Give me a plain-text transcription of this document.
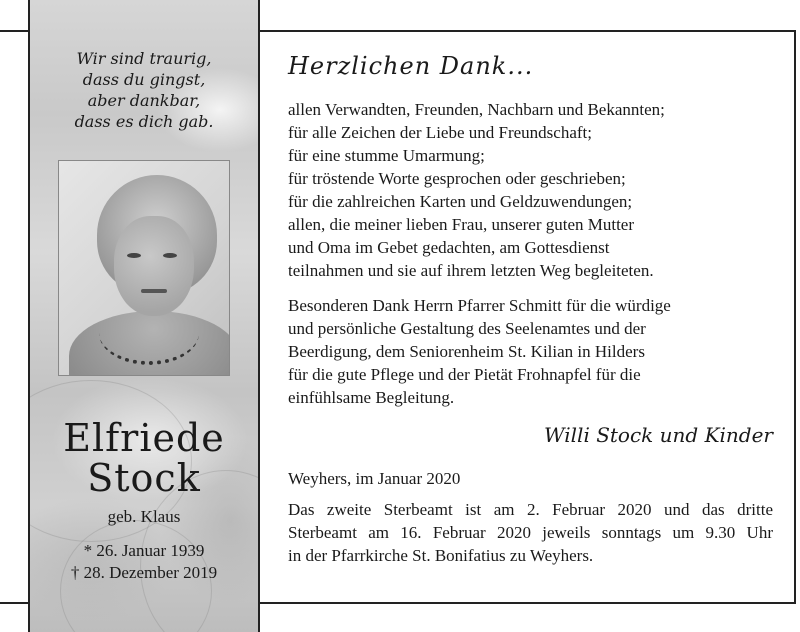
Wir sind traurig,
dass du gingst,
aber dankbar,
dass es dich gab.

Elfriede
Stock
geb. Klaus
* 26. Januar 1939
† 28. Dezember 2019
Herzlichen Dank...

allen Verwandten, Freunden, Nachbarn und Bekannten;
für alle Zeichen der Liebe und Freundschaft;
für eine stumme Umarmung;
für tröstende Worte gesprochen oder geschrieben;
für die zahlreichen Karten und Geldzuwendungen;
allen, die meiner lieben Frau, unserer guten Mutter
und Oma im Gebet gedachten, am Gottesdienst
teilnahmen und sie auf ihrem letzten Weg begleiteten.

Besonderen Dank Herrn Pfarrer Schmitt für die würdige
und persönliche Gestaltung des Seelenamtes und der
Beerdigung, dem Seniorenheim St. Kilian in Hilders
für die gute Pflege und der Pietät Frohnapfel für die
einfühlsame Begleitung.

Willi Stock und Kinder

Weyhers, im Januar 2020

Das zweite Sterbeamt ist am 2. Februar 2020 und das dritte
Sterbeamt am 16. Februar 2020 jeweils sonntags um 9.30 Uhr
in der Pfarrkirche St. Bonifatius zu Weyhers.
